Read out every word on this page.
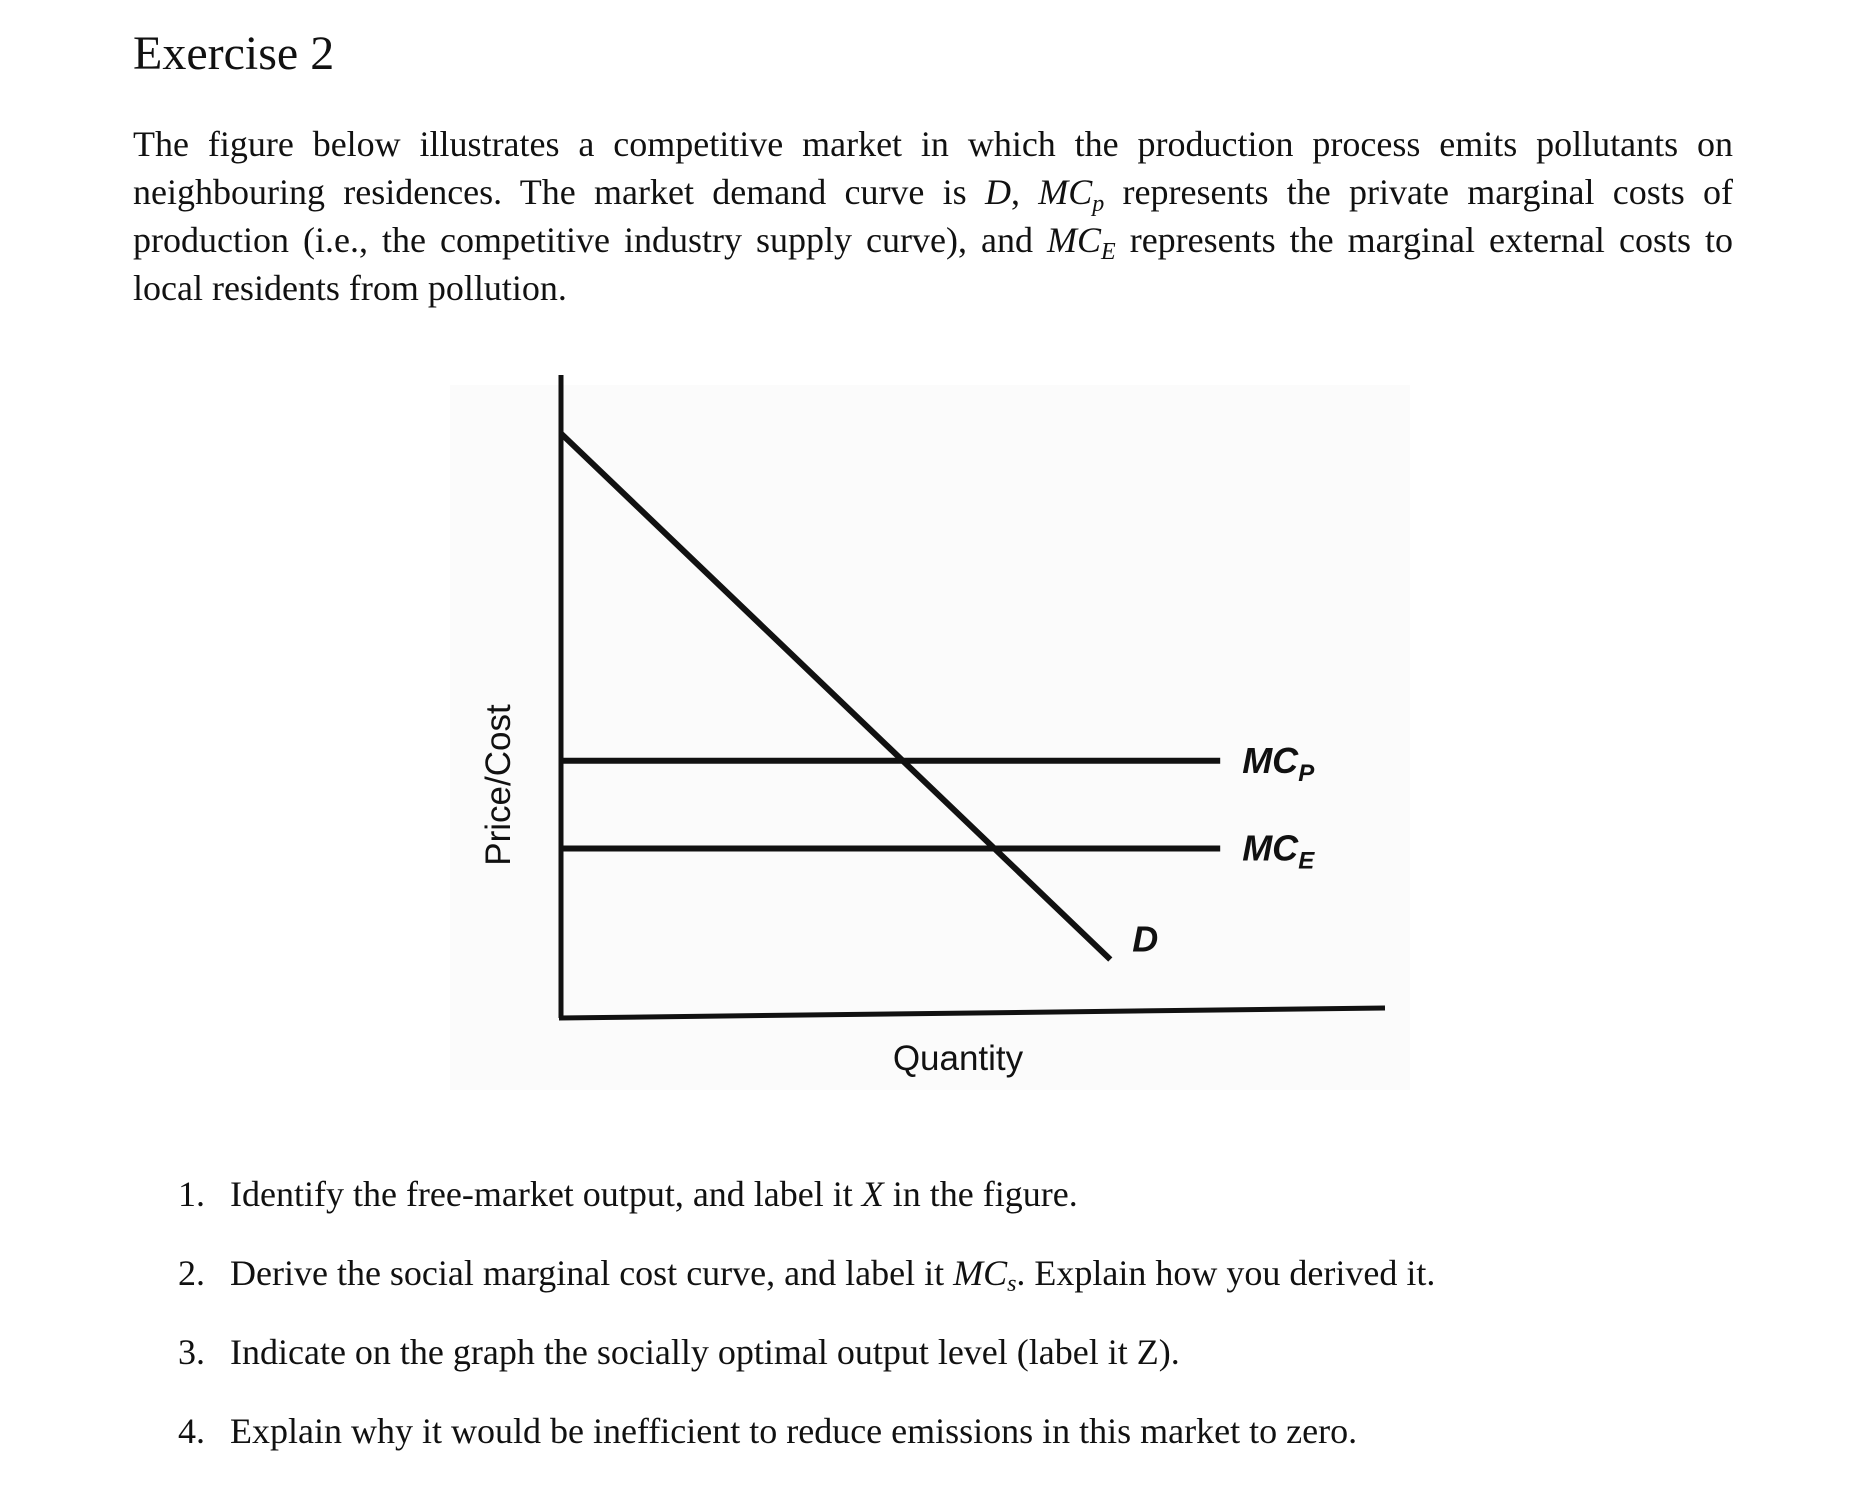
Exercise 2

The figure below illustrates a competitive market in which the production process emits pollutants on neighbouring residences. The market demand curve is D, $MC_p$ represents the private marginal costs of production (i.e., the competitive industry supply curve), and $MC_E$ represents the marginal external costs to local residents from pollution.

Price/Cost
Quantity
D
$MC_P$
$MC_E$
1. Identify the free-market output, and label it X in the figure.
2. Derive the social marginal cost curve, and label it $MC_s$. Explain how you derived it.
3. Indicate on the graph the socially optimal output level (label it Z).
4. Explain why it would be inefficient to reduce emissions in this market to zero.
